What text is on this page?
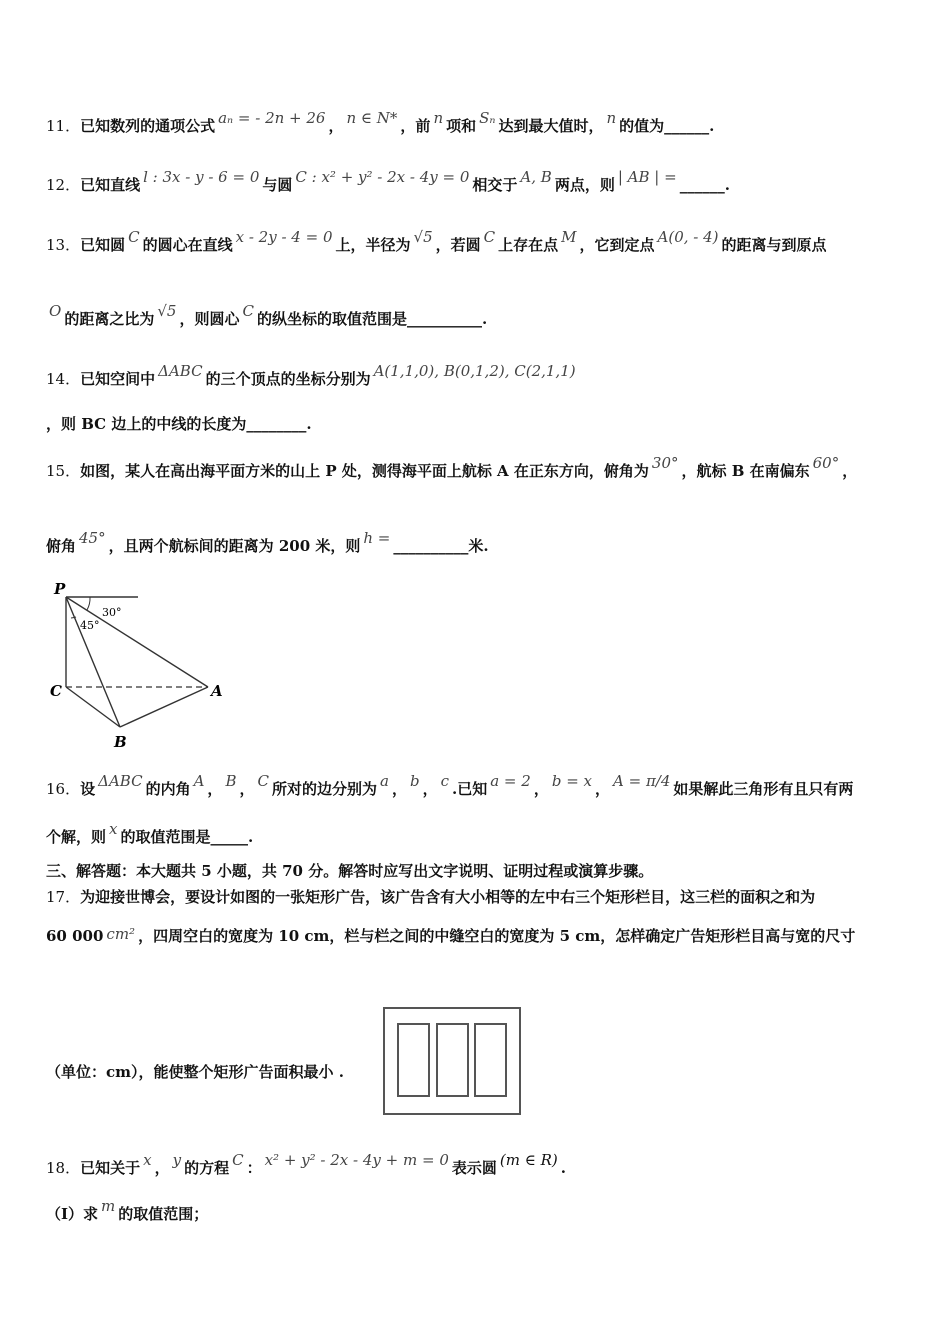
11．已知数列的通项公式 aₙ = - 2n + 26 ， n ∈ N* ，前 n 项和 Sₙ 达到最大值时， n 的值为______.
12．已知直线 l : 3x - y - 6 = 0 与圆 C : x² + y² - 2x - 4y = 0 相交于 A, B 两点，则 | AB | = ______.
13．已知圆 C 的圆心在直线 x - 2y - 4 = 0 上，半径为 √5 ，若圆 C 上存在点 M ，它到定点 A(0, - 4) 的距离与到原点
O 的距离之比为 √5 ，则圆心 C 的纵坐标的取值范围是__________.
14．已知空间中 ΔABC 的三个顶点的坐标分别为 A(1,1,0), B(0,1,2), C(2,1,1)
，则 BC 边上的中线的长度为________.
15．如图，某人在高出海平面方米的山上 P 处，测得海平面上航标 A 在正东方向，俯角为 30° ，航标 B 在南偏东 60° ，
俯角 45° ，且两个航标间的距离为 200 米，则 h = __________米.
P
C	A
B
30°
45°
16．设 ΔABC 的内角 A ， B ， C 所对的边分别为 a ， b ， c .已知 a = 2 ， b = x ， A = π/4 如果解此三角形有且只有两
个解，则 x 的取值范围是_____.
三、解答题：本大题共 5 小题，共 70 分。解答时应写出文字说明、证明过程或演算步骤。
17．为迎接世博会，要设计如图的一张矩形广告，该广告含有大小相等的左中右三个矩形栏目，这三栏的面积之和为
60 000 cm² ，四周空白的宽度为 10 cm，栏与栏之间的中缝空白的宽度为 5 cm，怎样确定广告矩形栏目高与宽的尺寸
（单位：cm），能使整个矩形广告面积最小 .
18．已知关于 x ， y 的方程 C ： x² + y² - 2x - 4y + m = 0 表示圆 (m ∈ R) .
（Ⅰ）求 m 的取值范围；
